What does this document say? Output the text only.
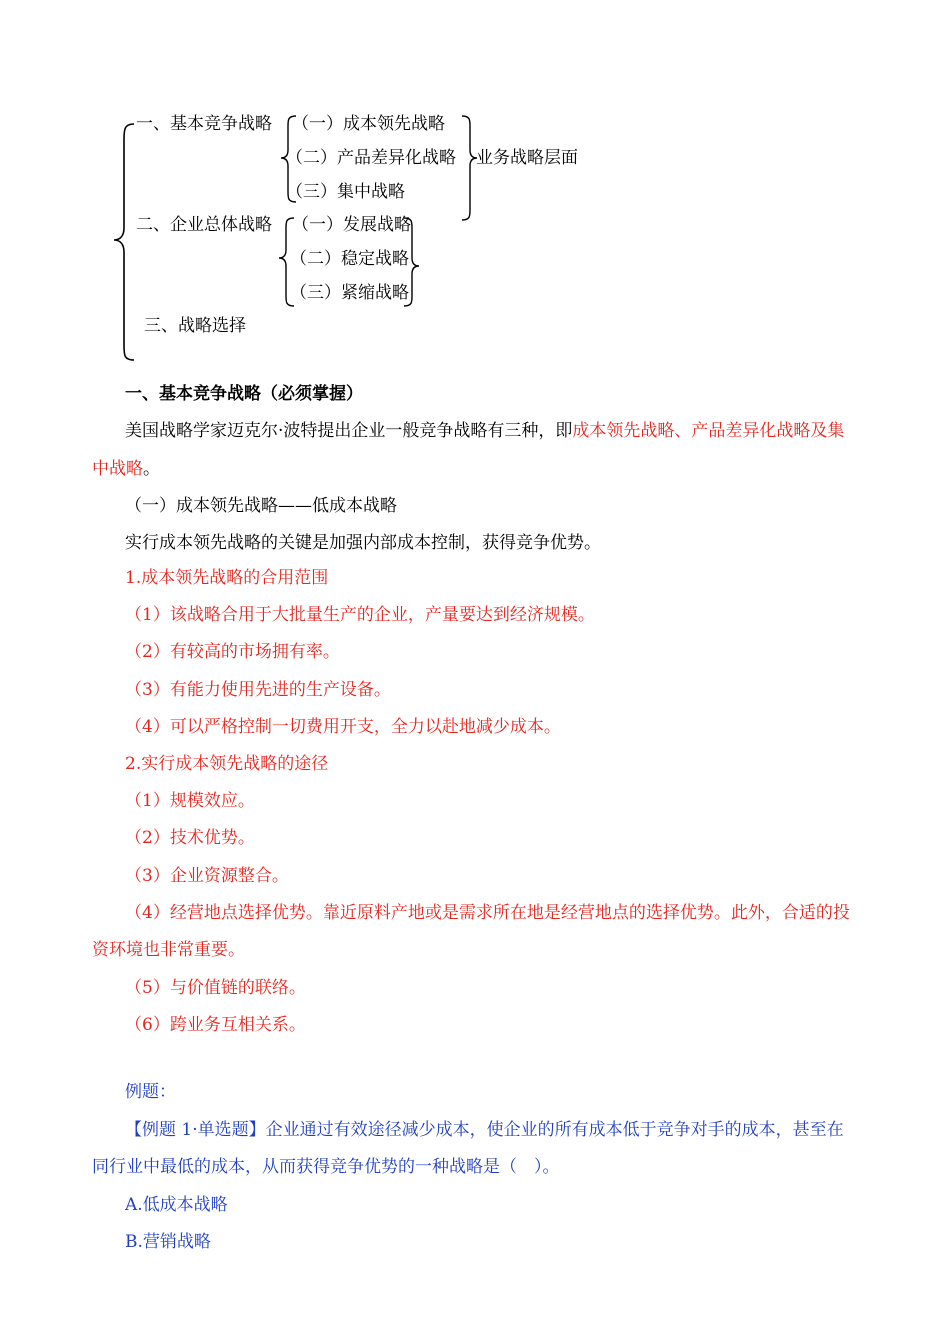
一、基本竞争战略 （一）成本领先战略
（二）产品差异化战略 业务战略层面
（三）集中战略
二、企业总体战略 （一）发展战略
（二）稳定战略
（三）紧缩战略
三、战略选择
一、基本竞争战略（必须掌握）
美国战略学家迈克尔·波特提出企业一般竞争战略有三种，即成本领先战略、产品差异化战略及集
中战略。
（一）成本领先战略——低成本战略
实行成本领先战略的关键是加强内部成本控制，获得竞争优势。
1.成本领先战略的合用范围
（1）该战略合用于大批量生产的企业，产量要达到经济规模。
（2）有较高的市场拥有率。
（3）有能力使用先进的生产设备。
（4）可以严格控制一切费用开支，全力以赴地减少成本。
2.实行成本领先战略的途径
（1）规模效应。
（2）技术优势。
（3）企业资源整合。
（4）经营地点选择优势。靠近原料产地或是需求所在地是经营地点的选择优势。此外，合适的投
资环境也非常重要。
（5）与价值链的联络。
（6）跨业务互相关系。
例题：
【例题 1·单选题】企业通过有效途径减少成本，使企业的所有成本低于竞争对手的成本，甚至在
同行业中最低的成本，从而获得竞争优势的一种战略是（　）。
A.低成本战略
B.营销战略
